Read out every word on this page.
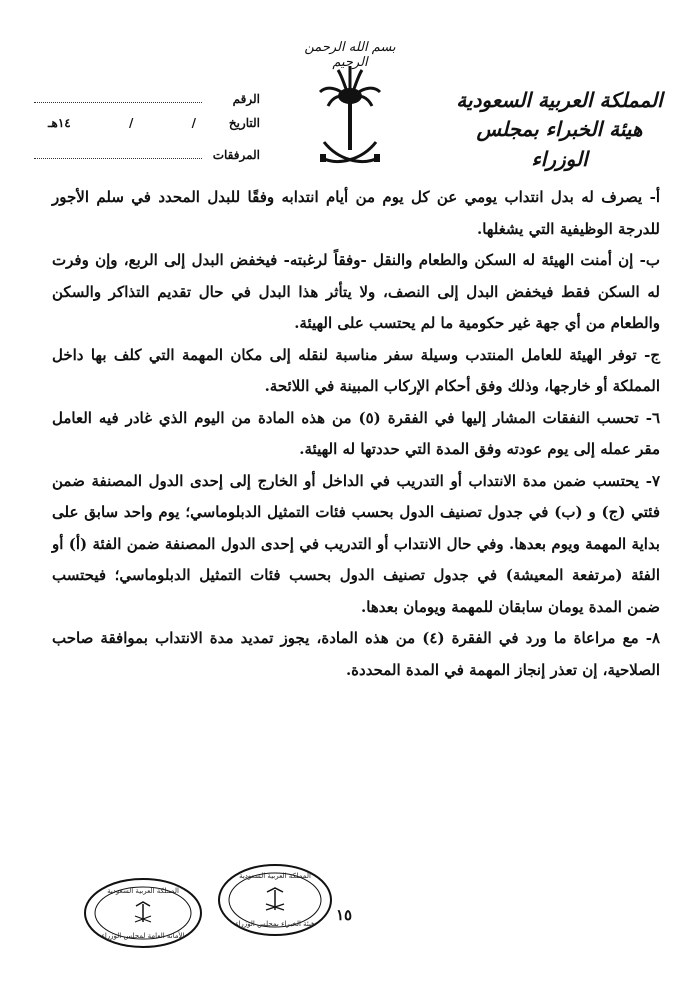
بسم الله الرحمن الرحيم
المملكة العربية السعودية
هيئة الخبراء بمجلس الوزراء
الرقم
التاريخ
/
/
١٤هـ
المرفقات

أ- يصرف له بدل انتداب يومي عن كل يوم من أيام انتدابه وفقًا للبدل المحدد في سلم الأجور للدرجة الوظيفية التي يشغلها.

ب- إن أمنت الهيئة له السكن والطعام والنقل -وفقاً لرغبته- فيخفض البدل إلى الربع، وإن وفرت له السكن فقط فيخفض البدل إلى النصف، ولا يتأثر هذا البدل في حال تقديم التذاكر والسكن والطعام من أي جهة غير حكومية ما لم يحتسب على الهيئة.

ج- توفر الهيئة للعامل المنتدب وسيلة سفر مناسبة لنقله إلى مكان المهمة التي كلف بها داخل المملكة أو خارجها، وذلك وفق أحكام الإركاب المبينة في اللائحة.

٦- تحسب النفقات المشار إليها في الفقرة (٥) من هذه المادة من اليوم الذي غادر فيه العامل مقر عمله إلى يوم عودته وفق المدة التي حددتها له الهيئة.

٧- يحتسب ضمن مدة الانتداب أو التدريب في الداخل أو الخارج إلى إحدى الدول المصنفة ضمن فئتي (ج) و (ب) في جدول تصنيف الدول بحسب فئات التمثيل الدبلوماسي؛ يوم واحد سابق على بداية المهمة ويوم بعدها. وفي حال الانتداب أو التدريب في إحدى الدول المصنفة ضمن الفئة (أ) أو الفئة (مرتفعة المعيشة) في جدول تصنيف الدول بحسب فئات التمثيل الدبلوماسي؛ فيحتسب ضمن المدة يومان سابقان للمهمة ويومان بعدها.

٨- مع مراعاة ما ورد في الفقرة (٤) من هذه المادة، يجوز تمديد مدة الانتداب بموافقة صاحب الصلاحية، إن تعذر إنجاز المهمة في المدة المحددة.

١٥
المملكة العربية السعودية
هيئة الخبراء بمجلس الوزراء
المملكة العربية السعودية
الأمانة العامة لمجلس الوزراء
